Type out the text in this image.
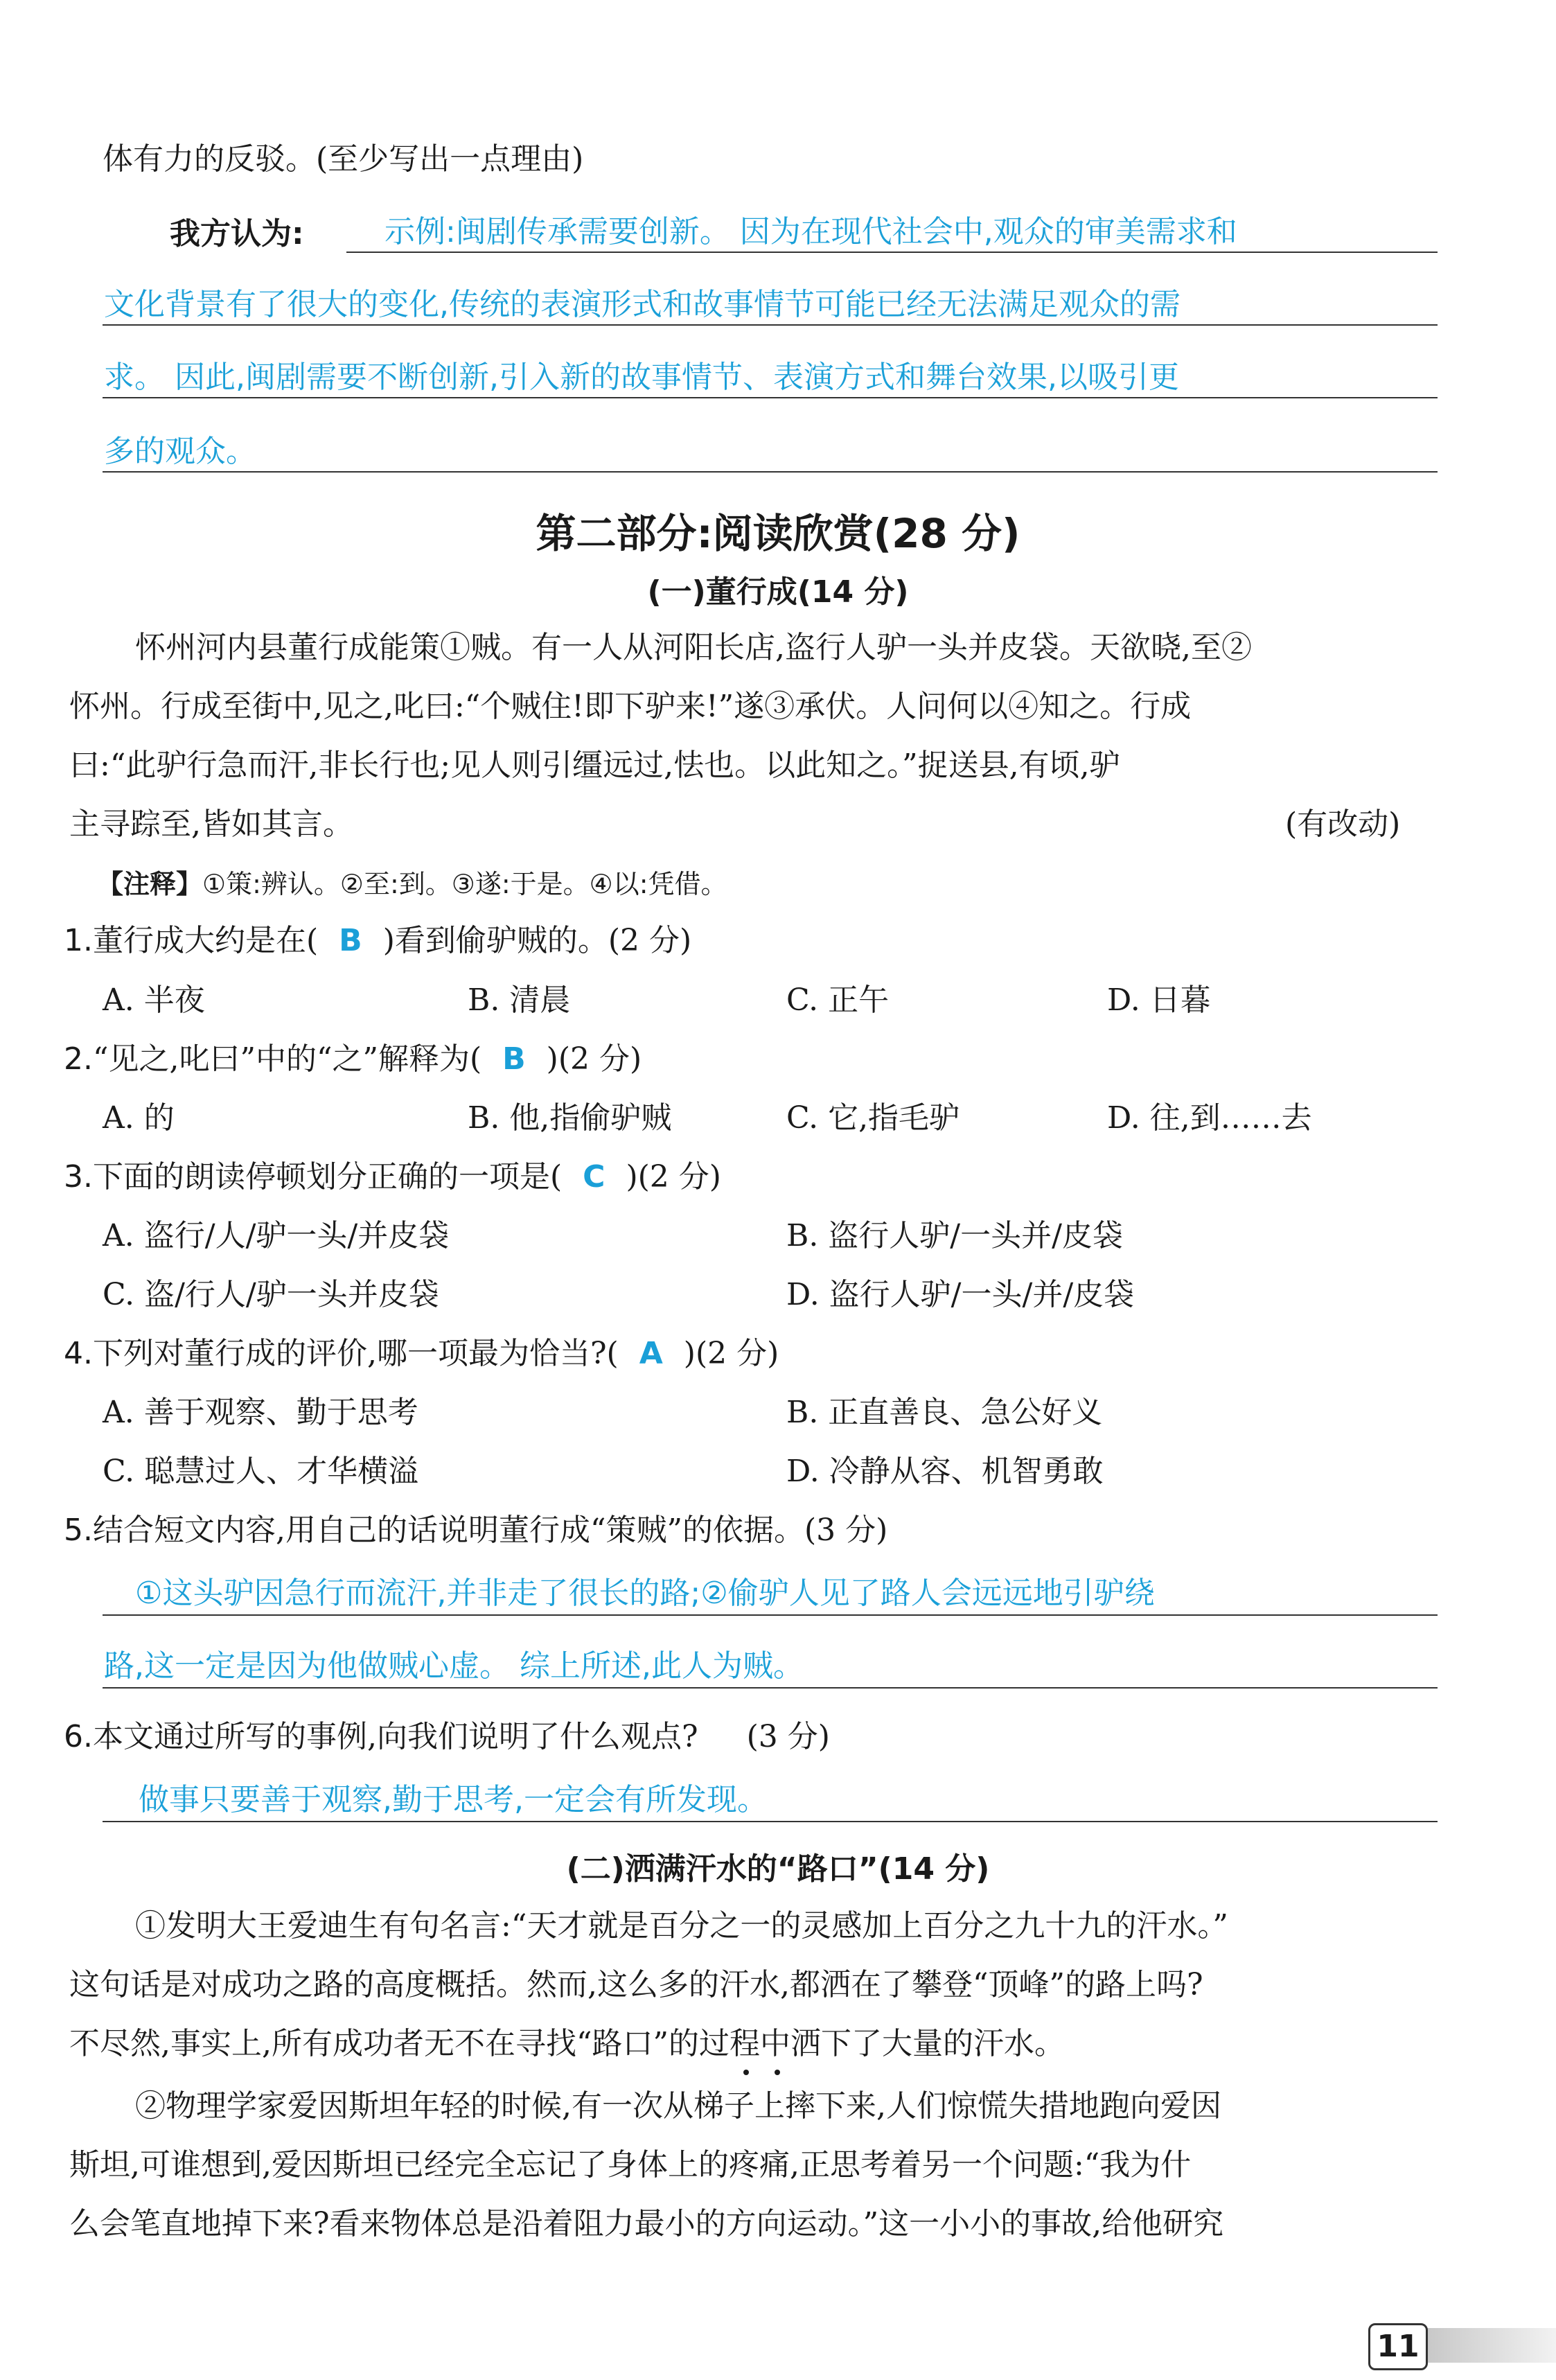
体有力的反驳。(至少写出一点理由)
我方认为:	示例:闽剧传承需要创新。 因为在现代社会中,观众的审美需求和
文化背景有了很大的变化,传统的表演形式和故事情节可能已经无法满足观众的需
求。 因此,闽剧需要不断创新,引入新的故事情节、表演方式和舞台效果,以吸引更
多的观众。
第二部分:阅读欣赏(28 分)
(一)董行成(14 分)
怀州河内县董行成能策①贼。有一人从河阳长店,盗行人驴一头并皮袋。天欲晓,至②
怀州。行成至街中,见之,叱曰:“个贼住!即下驴来!”遂③承伏。人问何以④知之。行成
曰:“此驴行急而汗,非长行也;见人则引缰远过,怯也。以此知之。”捉送县,有顷,驴
主寻踪至,皆如其言。	(有改动)
【注释】①策:辨认。②至:到。③遂:于是。④以:凭借。
1.董行成大约是在( B )看到偷驴贼的。(2 分)
A. 半夜	B. 清晨	C. 正午	D. 日暮
2.“见之,叱曰”中的“之”解释为( B )(2 分)
A. 的	B. 他,指偷驴贼	C. 它,指毛驴	D. 往,到……去
3.下面的朗读停顿划分正确的一项是( C )(2 分)
A. 盗行/人/驴一头/并皮袋	B. 盗行人驴/一头并/皮袋
C. 盗/行人/驴一头并皮袋	D. 盗行人驴/一头/并/皮袋
4.下列对董行成的评价,哪一项最为恰当?( A )(2 分)
A. 善于观察、勤于思考	B. 正直善良、急公好义
C. 聪慧过人、才华横溢	D. 冷静从容、机智勇敢
5.结合短文内容,用自己的话说明董行成“策贼”的依据。(3 分)
①这头驴因急行而流汗,并非走了很长的路;②偷驴人见了路人会远远地引驴绕
路,这一定是因为他做贼心虚。 综上所述,此人为贼。
6.本文通过所写的事例,向我们说明了什么观点? (3 分)
做事只要善于观察,勤于思考,一定会有所发现。
(二)洒满汗水的“路口”(14 分)
①发明大王爱迪生有句名言:“天才就是百分之一的灵感加上百分之九十九的汗水。”
这句话是对成功之路的高度概括。然而,这么多的汗水,都洒在了攀登“顶峰”的路上吗?
不尽然,事实上,所有成功者无不在寻找“路口”的过程中洒下了大量的汗水。
②物理学家爱因斯坦年轻的时候,有一次从梯子上摔下来,人们惊慌失措地跑向爱因
斯坦,可谁想到,爱因斯坦已经完全忘记了身体上的疼痛,正思考着另一个问题:“我为什
么会笔直地掉下来?看来物体总是沿着阻力最小的方向运动。”这一小小的事故,给他研究
11
